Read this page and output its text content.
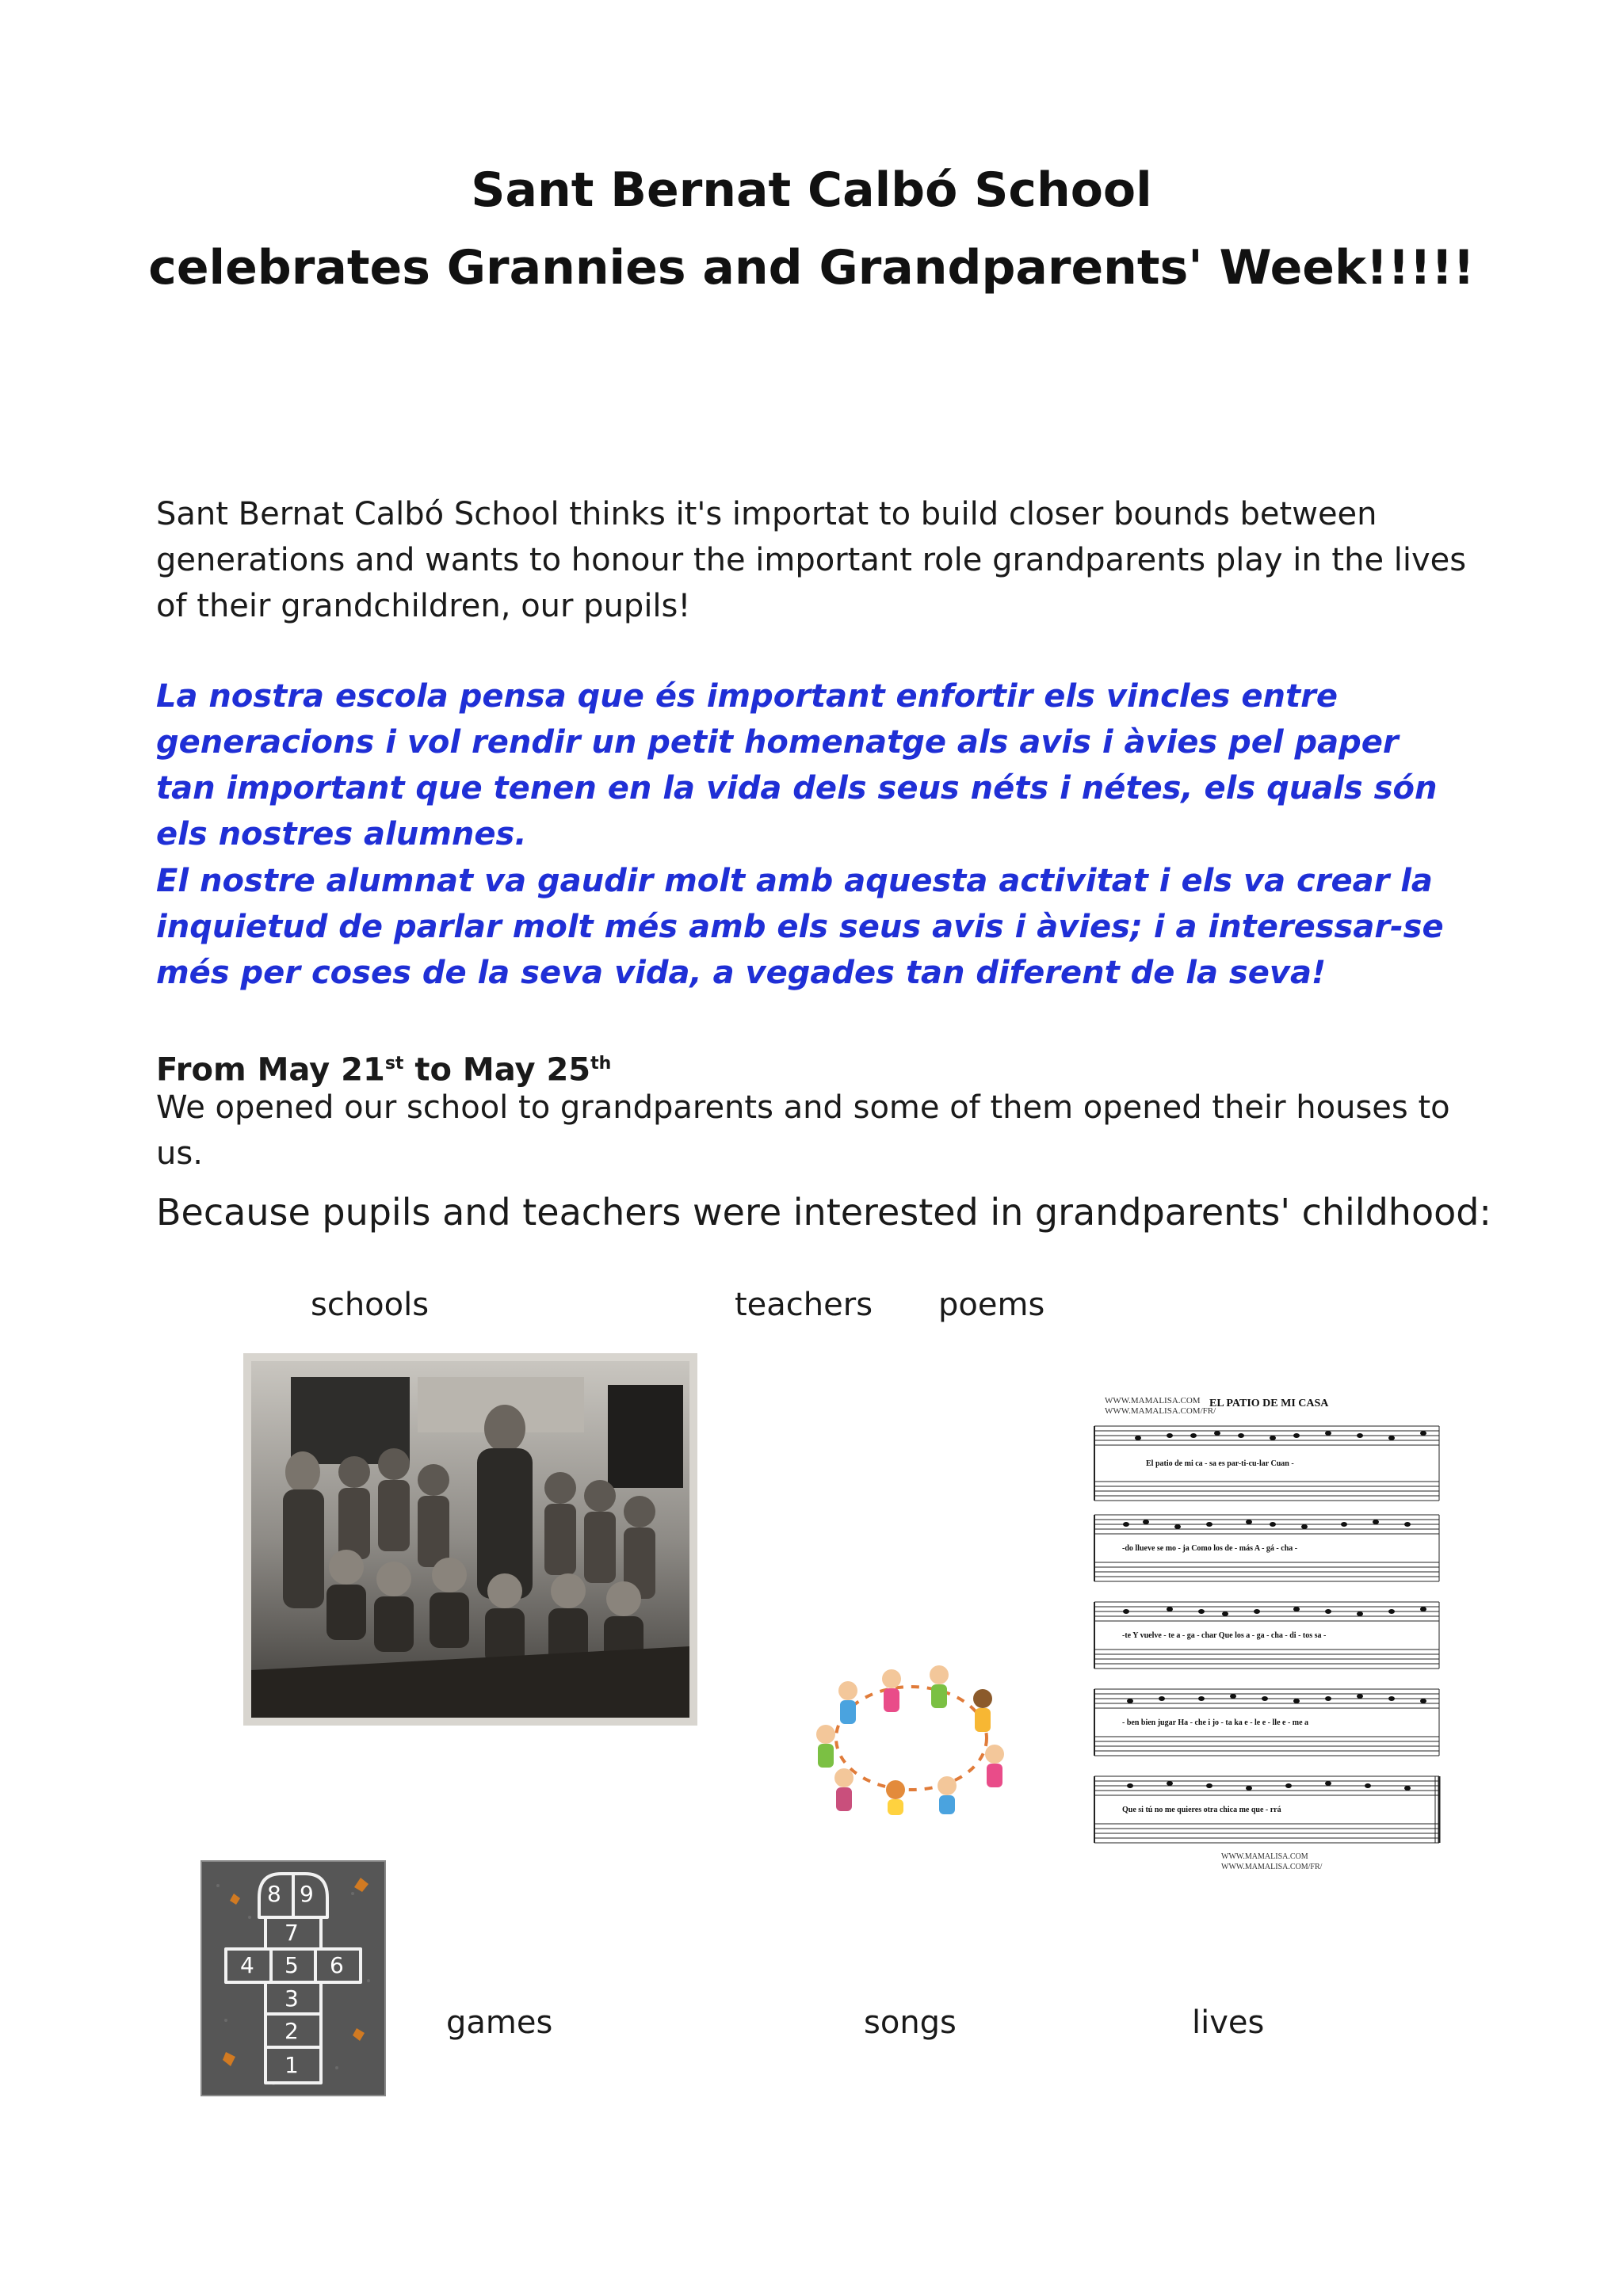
Sant Bernat Calbó School
celebrates Grannies and Grandparents' Week!!!!!
Sant Bernat Calbó School thinks it's importat to build closer bounds between generations and wants to honour the important role grandparents play in the lives of their grandchildren, our pupils!
La nostra escola pensa que és important enfortir els vincles entre generacions i vol rendir un petit homenatge als avis i àvies pel paper tan important que tenen en la vida dels seus néts i nétes, els quals són els nostres alumnes.
El nostre alumnat va gaudir molt amb aquesta activitat i els va crear la inquietud de parlar molt més amb els seus avis i àvies; i a interessar-se més per coses de la seva vida, a vegades tan diferent de la seva!
From May 21st to May 25th
We opened our school to grandparents and some of them opened their houses to us.
Because pupils and teachers were interested in grandparents' childhood:
schools	teachers poems
games	songs	lives
WWW.MAMALISA.COM
WWW.MAMALISA.COM/FR/
EL PATIO DE MI CASA
El patio de mi ca - sa es par-ti-cu-lar Cuan -
-do llueve se mo - ja Como los de - más A - gá - cha -
-te Y vuelve - te a - ga - char Que los a - ga - cha - di - tos sa -
- ben bien jugar Ha - che i jo - ta ka e - le e - lle e - me a
Que si tú no me quieres otra chica me que - rrá
WWW.MAMALISA.COM
WWW.MAMALISA.COM/FR/
8 9
7
4 5 6
3
2
1
